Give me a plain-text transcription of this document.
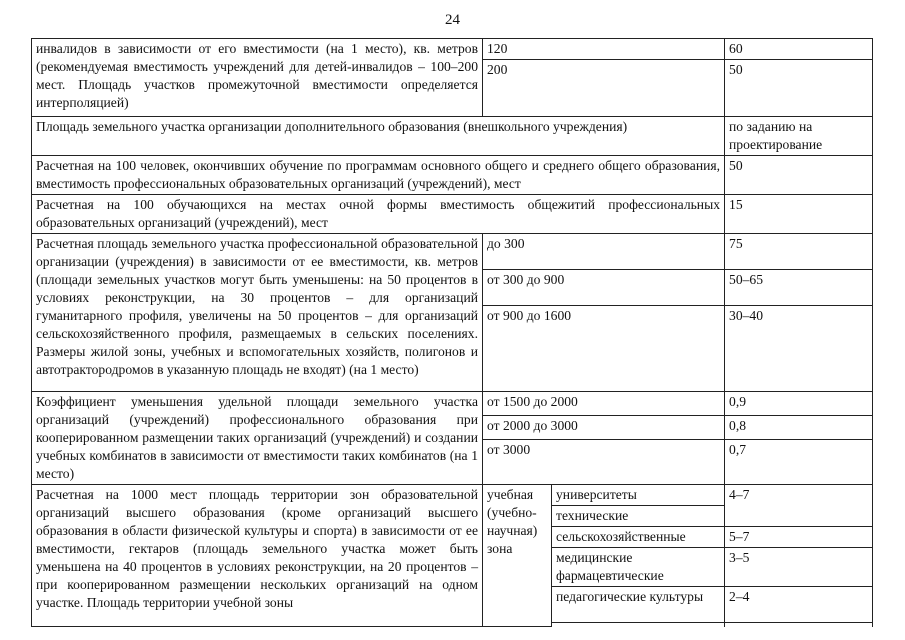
24
инвалидов в зависимости от его вместимости (на 1 место), кв. метров (рекомендуемая вместимость учреждений для детей-инвалидов – 100–200 мест. Площадь участков промежуточной вместимости определяется интерполяцией)	120		60
	200		50
Площадь земельного участка организации дополнительного образования (внешкольного учреждения)			по заданию на проектирование
Расчетная на 100 человек, окончивших обучение по программам основного общего и среднего общего образования, вместимость профессиональных образовательных организаций (учреждений), мест			50
Расчетная на 100 обучающихся на местах очной формы вместимость общежитий профессиональных образовательных организаций (учреждений), мест			15
Расчетная площадь земельного участка профессиональной образовательной организации (учреждения) в зависимости от ее вместимости, кв. метров (площади земельных участков могут быть уменьшены: на 50 процентов в условиях реконструкции, на 30 процентов – для организаций гуманитарного профиля, увеличены на 50 процентов – для организаций сельскохозяйственного профиля, размещаемых в сельских поселениях. Размеры жилой зоны, учебных и вспомогательных хозяйств, полигонов и автотрактородромов в указанную площадь не входят) (на 1 место)	до 300		75
	от 300 до 900		50–65
	от 900 до 1600		30–40
Коэффициент уменьшения удельной площади земельного участка организаций (учреждений) профессионального образования при кооперированном размещении таких организаций (учреждений) и создании учебных комбинатов в зависимости от вместимости таких комбинатов (на 1 место)	от 1500 до 2000		0,9
	от 2000 до 3000		0,8
	от 3000		0,7
Расчетная на 1000 мест площадь территории зон образовательной организаций высшего образования (кроме организаций высшего образования в области физической культуры и спорта) в зависимости от ее вместимости, гектаров (площадь земельного участка может быть уменьшена на 40 процентов в условиях реконструкции, на 20 процентов – при кооперированном размещении нескольких организаций на одном участке. Площадь территории учебной зоны	учебная (учебно-научная) зона	университеты	4–7
		технические	
		сельскохозяйственные	5–7
		медицинские фармацевтические	3–5
		педагогические культуры	2–4
